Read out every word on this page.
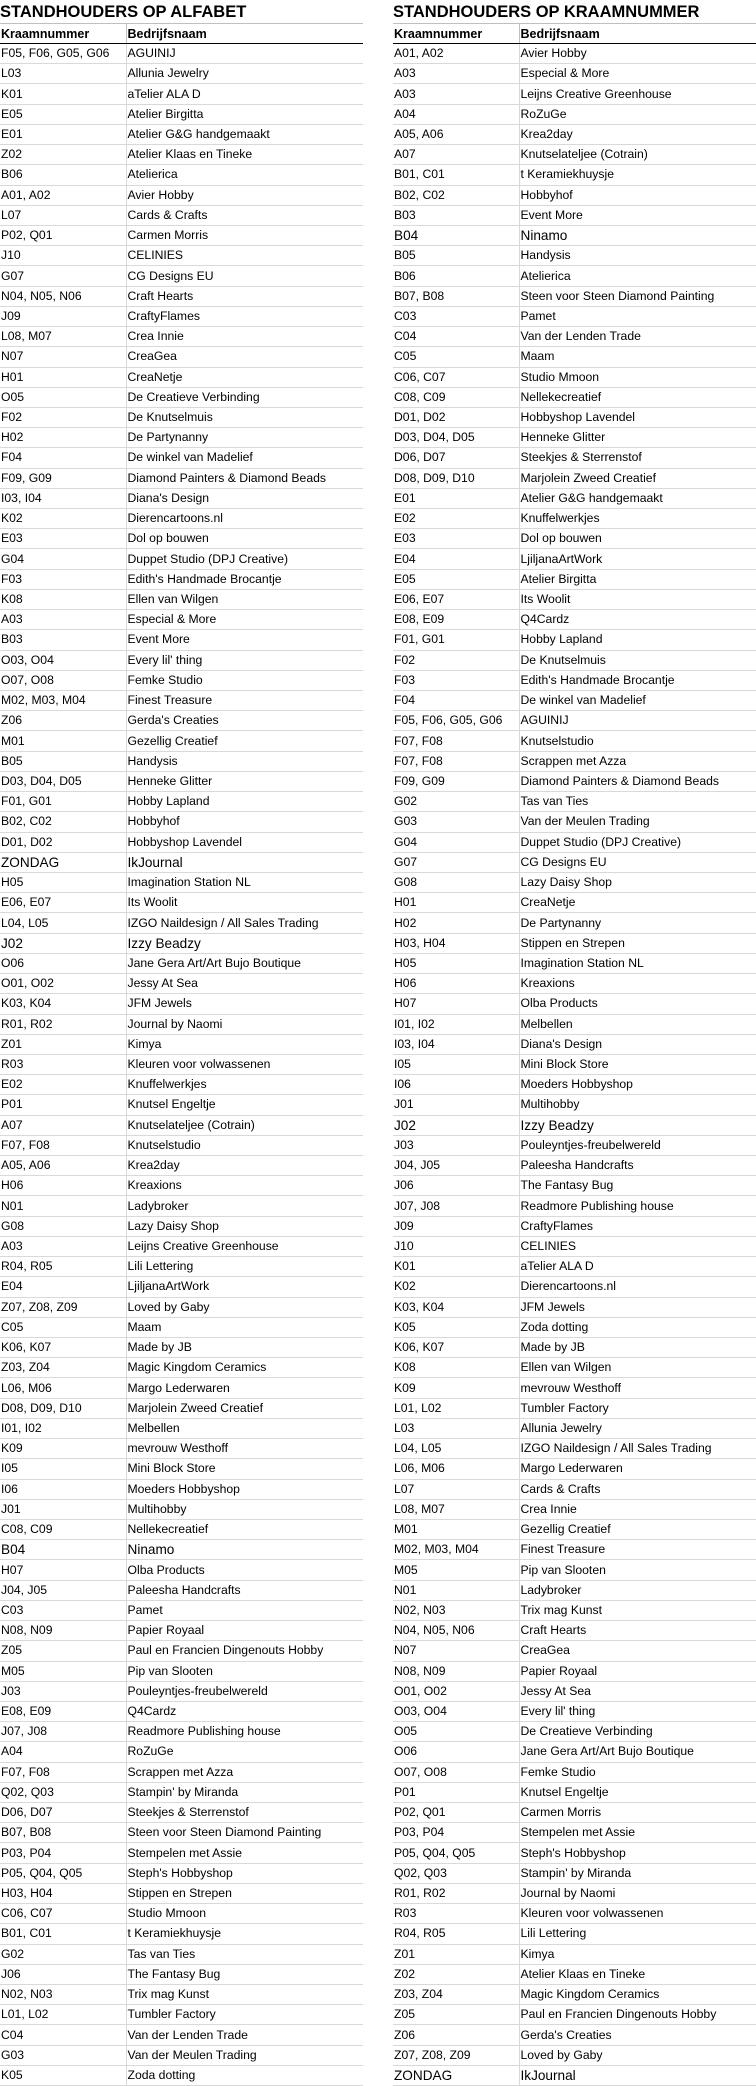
STANDHOUDERS OP ALFABET
Kraamnummer	Bedrijfsnaam
F05, F06, G05, G06	AGUINIJ
L03	Allunia Jewelry
K01	aTelier ALA D
E05	Atelier Birgitta
E01	Atelier G&G handgemaakt
Z02	Atelier Klaas en Tineke
B06	Atelierica
A01, A02	Avier Hobby
L07	Cards & Crafts
P02, Q01	Carmen Morris
J10	CELINIES
G07	CG Designs EU
N04, N05, N06	Craft Hearts
J09	CraftyFlames
L08, M07	Crea Innie
N07	CreaGea
H01	CreaNetje
O05	De Creatieve Verbinding
F02	De Knutselmuis
H02	De Partynanny
F04	De winkel van Madelief
F09, G09	Diamond Painters & Diamond Beads
I03, I04	Diana's Design
K02	Dierencartoons.nl
E03	Dol op bouwen
G04	Duppet Studio (DPJ Creative)
F03	Edith's Handmade Brocantje
K08	Ellen van Wilgen
A03	Especial & More
B03	Event More
O03, O04	Every lil' thing
O07, O08	Femke Studio
M02, M03, M04	Finest Treasure
Z06	Gerda's Creaties
M01	Gezellig Creatief
B05	Handysis
D03, D04, D05	Henneke Glitter
F01, G01	Hobby Lapland
B02, C02	Hobbyhof
D01, D02	Hobbyshop Lavendel
ZONDAG	IkJournal
H05	Imagination Station NL
E06, E07	Its Woolit
L04, L05	IZGO Naildesign / All Sales Trading
J02	Izzy Beadzy
O06	Jane Gera Art/Art Bujo Boutique
O01, O02	Jessy At Sea
K03, K04	JFM Jewels
R01, R02	Journal by Naomi
Z01	Kimya
R03	Kleuren voor volwassenen
E02	Knuffelwerkjes
P01	Knutsel Engeltje
A07	Knutselateljee (Cotrain)
F07, F08	Knutselstudio
A05, A06	Krea2day
H06	Kreaxions
N01	Ladybroker
G08	Lazy Daisy Shop
A03	Leijns Creative Greenhouse
R04, R05	Lili Lettering
E04	LjiljanaArtWork
Z07, Z08, Z09	Loved by Gaby
C05	Maam
K06, K07	Made by JB
Z03, Z04	Magic Kingdom Ceramics
L06, M06	Margo Lederwaren
D08, D09, D10	Marjolein Zweed Creatief
I01, I02	Melbellen
K09	mevrouw Westhoff
I05	Mini Block Store
I06	Moeders Hobbyshop
J01	Multihobby
C08, C09	Nellekecreatief
B04	Ninamo
H07	Olba Products
J04, J05	Paleesha Handcrafts
C03	Pamet
N08, N09	Papier Royaal
Z05	Paul en Francien Dingenouts Hobby
M05	Pip van Slooten
J03	Pouleyntjes-freubelwereld
E08, E09	Q4Cardz
J07, J08	Readmore Publishing house
A04	RoZuGe
F07, F08	Scrappen met Azza
Q02, Q03	Stampin' by Miranda
D06, D07	Steekjes & Sterrenstof
B07, B08	Steen voor Steen Diamond Painting
P03, P04	Stempelen met Assie
P05, Q04, Q05	Steph's Hobbyshop
H03, H04	Stippen en Strepen
C06, C07	Studio Mmoon
B01, C01	t Keramiekhuysje
G02	Tas van Ties
J06	The Fantasy Bug
N02, N03	Trix mag Kunst
L01, L02	Tumbler Factory
C04	Van der Lenden Trade
G03	Van der Meulen Trading
K05	Zoda dotting
STANDHOUDERS OP KRAAMNUMMER
Kraamnummer	Bedrijfsnaam
A01, A02	Avier Hobby
A03	Especial & More
A03	Leijns Creative Greenhouse
A04	RoZuGe
A05, A06	Krea2day
A07	Knutselateljee (Cotrain)
B01, C01	t Keramiekhuysje
B02, C02	Hobbyhof
B03	Event More
B04	Ninamo
B05	Handysis
B06	Atelierica
B07, B08	Steen voor Steen Diamond Painting
C03	Pamet
C04	Van der Lenden Trade
C05	Maam
C06, C07	Studio Mmoon
C08, C09	Nellekecreatief
D01, D02	Hobbyshop Lavendel
D03, D04, D05	Henneke Glitter
D06, D07	Steekjes & Sterrenstof
D08, D09, D10	Marjolein Zweed Creatief
E01	Atelier G&G handgemaakt
E02	Knuffelwerkjes
E03	Dol op bouwen
E04	LjiljanaArtWork
E05	Atelier Birgitta
E06, E07	Its Woolit
E08, E09	Q4Cardz
F01, G01	Hobby Lapland
F02	De Knutselmuis
F03	Edith's Handmade Brocantje
F04	De winkel van Madelief
F05, F06, G05, G06	AGUINIJ
F07, F08	Knutselstudio
F07, F08	Scrappen met Azza
F09, G09	Diamond Painters & Diamond Beads
G02	Tas van Ties
G03	Van der Meulen Trading
G04	Duppet Studio (DPJ Creative)
G07	CG Designs EU
G08	Lazy Daisy Shop
H01	CreaNetje
H02	De Partynanny
H03, H04	Stippen en Strepen
H05	Imagination Station NL
H06	Kreaxions
H07	Olba Products
I01, I02	Melbellen
I03, I04	Diana's Design
I05	Mini Block Store
I06	Moeders Hobbyshop
J01	Multihobby
J02	Izzy Beadzy
J03	Pouleyntjes-freubelwereld
J04, J05	Paleesha Handcrafts
J06	The Fantasy Bug
J07, J08	Readmore Publishing house
J09	CraftyFlames
J10	CELINIES
K01	aTelier ALA D
K02	Dierencartoons.nl
K03, K04	JFM Jewels
K05	Zoda dotting
K06, K07	Made by JB
K08	Ellen van Wilgen
K09	mevrouw Westhoff
L01, L02	Tumbler Factory
L03	Allunia Jewelry
L04, L05	IZGO Naildesign / All Sales Trading
L06, M06	Margo Lederwaren
L07	Cards & Crafts
L08, M07	Crea Innie
M01	Gezellig Creatief
M02, M03, M04	Finest Treasure
M05	Pip van Slooten
N01	Ladybroker
N02, N03	Trix mag Kunst
N04, N05, N06	Craft Hearts
N07	CreaGea
N08, N09	Papier Royaal
O01, O02	Jessy At Sea
O03, O04	Every lil' thing
O05	De Creatieve Verbinding
O06	Jane Gera Art/Art Bujo Boutique
O07, O08	Femke Studio
P01	Knutsel Engeltje
P02, Q01	Carmen Morris
P03, P04	Stempelen met Assie
P05, Q04, Q05	Steph's Hobbyshop
Q02, Q03	Stampin' by Miranda
R01, R02	Journal by Naomi
R03	Kleuren voor volwassenen
R04, R05	Lili Lettering
Z01	Kimya
Z02	Atelier Klaas en Tineke
Z03, Z04	Magic Kingdom Ceramics
Z05	Paul en Francien Dingenouts Hobby
Z06	Gerda's Creaties
Z07, Z08, Z09	Loved by Gaby
ZONDAG	IkJournal
